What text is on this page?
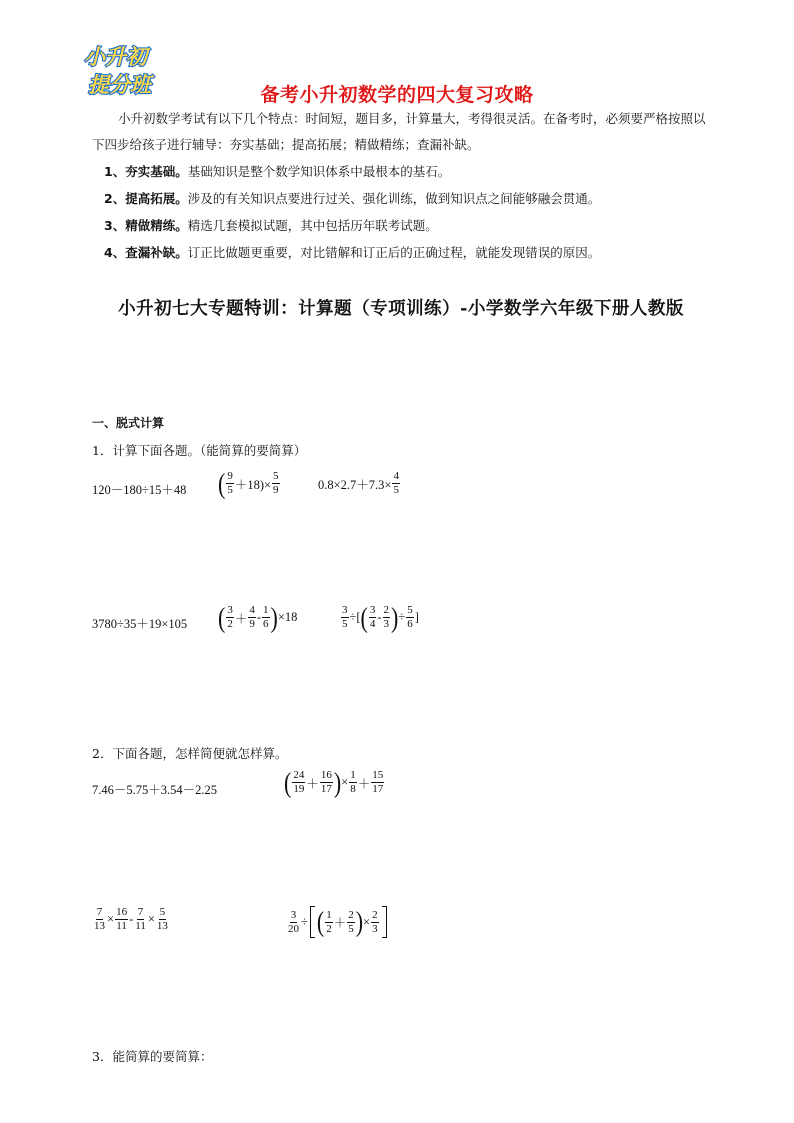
小升初
提分班	备考小升初数学的四大复习攻略
小升初数学考试有以下几个特点：时间短，题目多，计算量大，考得很灵活。在备考时，必须要严格按照以下四步给孩子进行辅导：夯实基础；提高拓展；精做精练；查漏补缺。
1、夯实基础。基础知识是整个数学知识体系中最根本的基石。
2、提高拓展。涉及的有关知识点要进行过关、强化训练，做到知识点之间能够融会贯通。
3、精做精练。精选几套模拟试题，其中包括历年联考试题。
4、查漏补缺。订正比做题更重要，对比错解和订正后的正确过程，就能发现错误的原因。
小升初七大专题特训：计算题（专项训练）-小学数学六年级下册人教版
一、脱式计算
1．计算下面各题。（能简算的要简算）
120－180÷15＋48 ( 9
$5 +18)\times \frac{5}{9}$	$0.8\times 2.7+7.3\times \frac{4}{5}$
3780÷35＋19×105 ( 3
2 ＋
4
9 - 1
6 ) ×18	$\frac{3}{5}$ ÷[ ( 3
4 - 2
3 ) ÷ $\frac{5}{6}$ ]
2．下面各题，怎样简便就怎样算。
7.46－5.75＋3.54－2.25	( 24
19 ＋
16
17 ) × $\frac{1}{8}$ ＋
15
17
$\frac{7}{13} \times \frac{16}{11} - \frac{7}{11} \times \frac{5}{13}$	$\frac{3}{20}$ ÷ ( 1
2 ＋
2
5 ) × $\frac{2}{3}$
3．能简算的要简算：
